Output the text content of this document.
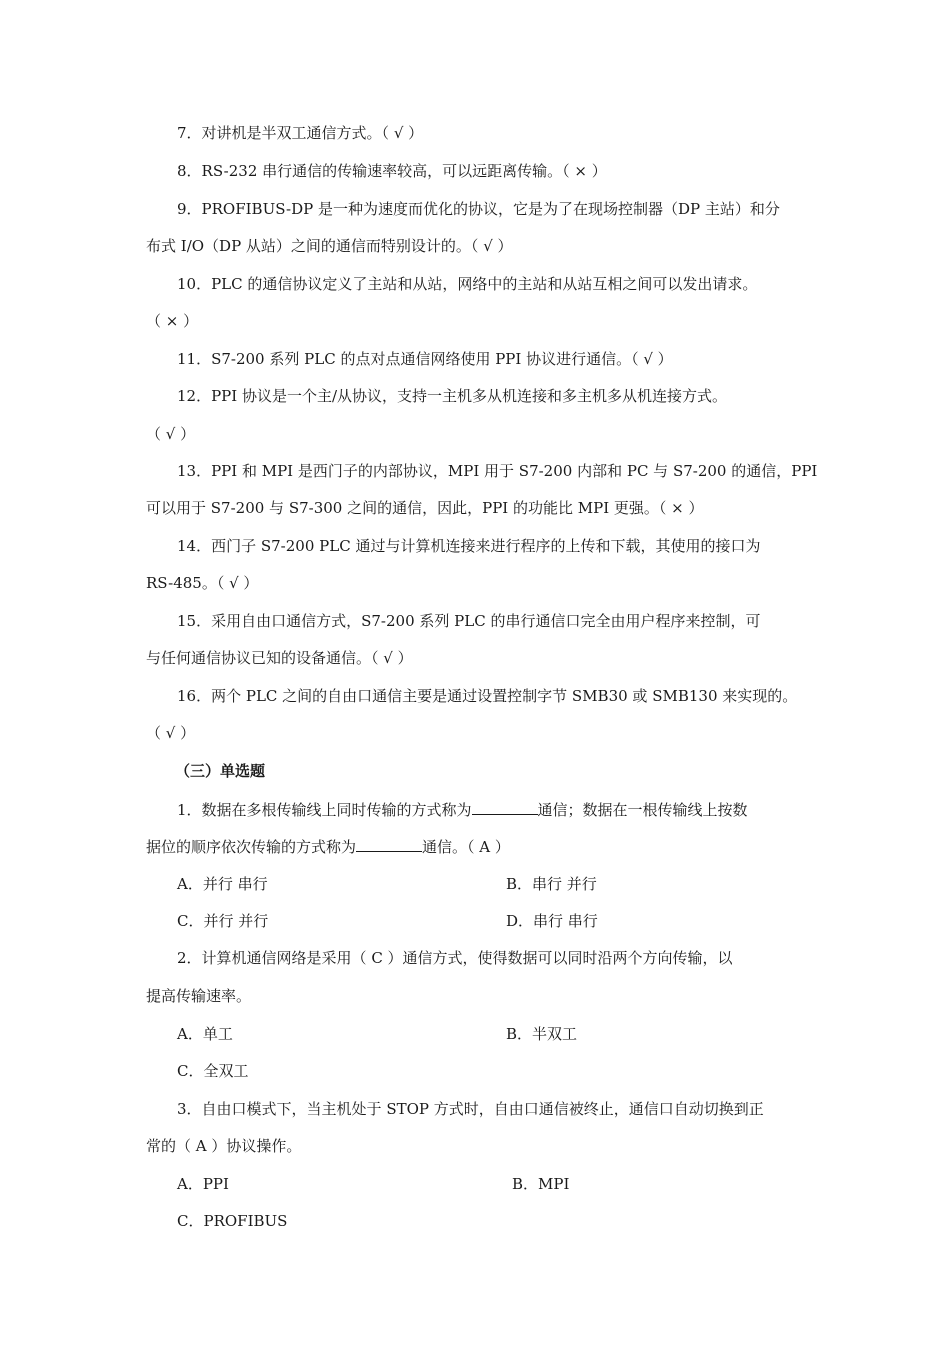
7．对讲机是半双工通信方式。（ √ ）
8．RS-232 串行通信的传输速率较高，可以远距离传输。（ × ）
9．PROFIBUS-DP 是一种为速度而优化的协议，它是为了在现场控制器（DP 主站）和分
布式 I/O（DP 从站）之间的通信而特别设计的。（ √ ）
10．PLC 的通信协议定义了主站和从站，网络中的主站和从站互相之间可以发出请求。
（ × ）
11．S7-200 系列 PLC 的点对点通信网络使用 PPI 协议进行通信。（ √ ）
12．PPI 协议是一个主/从协议，支持一主机多从机连接和多主机多从机连接方式。
（ √ ）
13．PPI 和 MPI 是西门子的内部协议，MPI 用于 S7-200 内部和 PC 与 S7-200 的通信，PPI
可以用于 S7-200 与 S7-300 之间的通信，因此，PPI 的功能比 MPI 更强。（ × ）
14．西门子 S7-200 PLC 通过与计算机连接来进行程序的上传和下载，其使用的接口为
RS-485。（ √ ）
15．采用自由口通信方式，S7-200 系列 PLC 的串行通信口完全由用户程序来控制，可
与任何通信协议已知的设备通信。（ √ ）
16．两个 PLC 之间的自由口通信主要是通过设置控制字节 SMB30 或 SMB130 来实现的。
（ √ ）
（三）单选题
1．数据在多根传输线上同时传输的方式称为	通信；数据在一根传输线上按数
据位的顺序依次传输的方式称为	通信。（ A ）
A．并行 串行	B．串行 并行
C．并行 并行	D．串行 串行
2．计算机通信网络是采用（ C ）通信方式，使得数据可以同时沿两个方向传输，以
提高传输速率。
A．单工	B．半双工
C．全双工
3．自由口模式下，当主机处于 STOP 方式时，自由口通信被终止，通信口自动切换到正
常的（ A ）协议操作。
A．PPI	B．MPI
C．PROFIBUS
